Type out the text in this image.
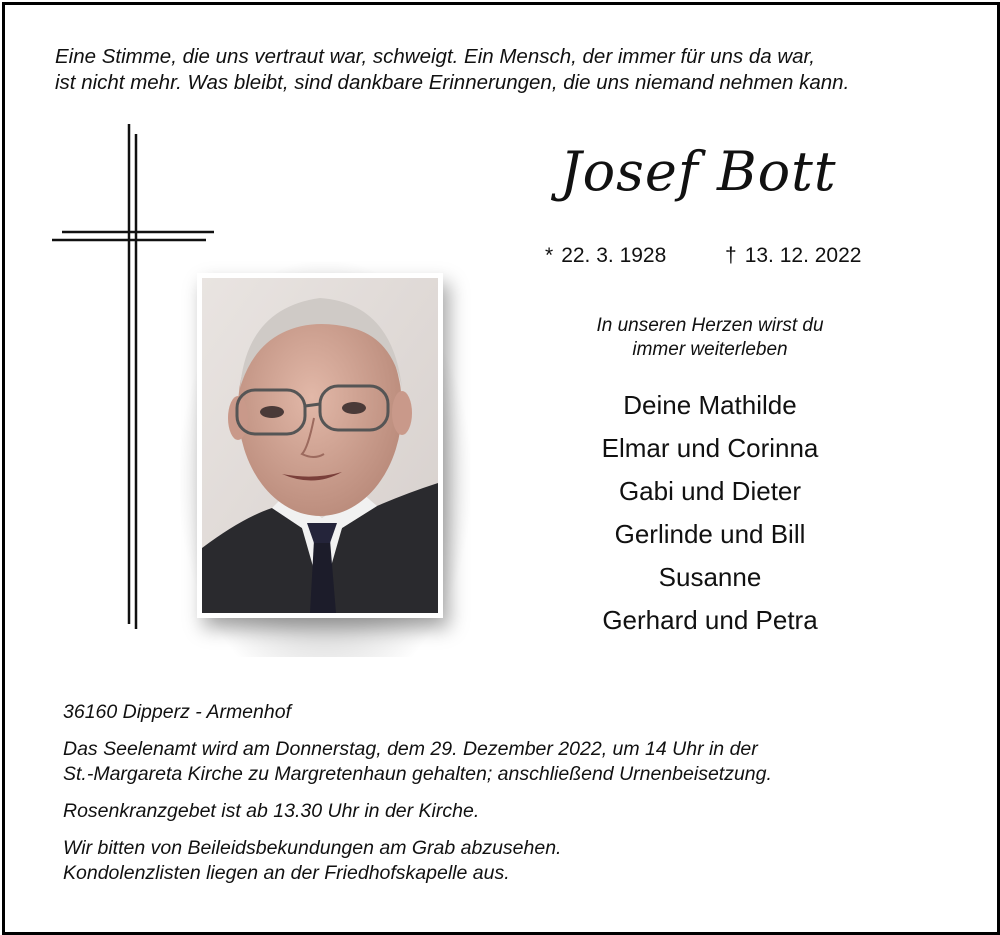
Eine Stimme, die uns vertraut war, schweigt. Ein Mensch, der immer für uns da war,
ist nicht mehr. Was bleibt, sind dankbare Erinnerungen, die uns niemand nehmen kann.
Josef Bott
* 22. 3. 1928	† 13. 12. 2022
In unseren Herzen wirst du
immer weiterleben
Deine Mathilde
Elmar und Corinna
Gabi und Dieter
Gerlinde und Bill
Susanne
Gerhard und Petra
36160 Dipperz - Armenhof
Das Seelenamt wird am Donnerstag, dem 29. Dezember 2022, um 14 Uhr in der
St.-Margareta Kirche zu Margretenhaun gehalten; anschließend Urnenbeisetzung.
Rosenkranzgebet ist ab 13.30 Uhr in der Kirche.
Wir bitten von Beileidsbekundungen am Grab abzusehen.
Kondolenzlisten liegen an der Friedhofskapelle aus.
